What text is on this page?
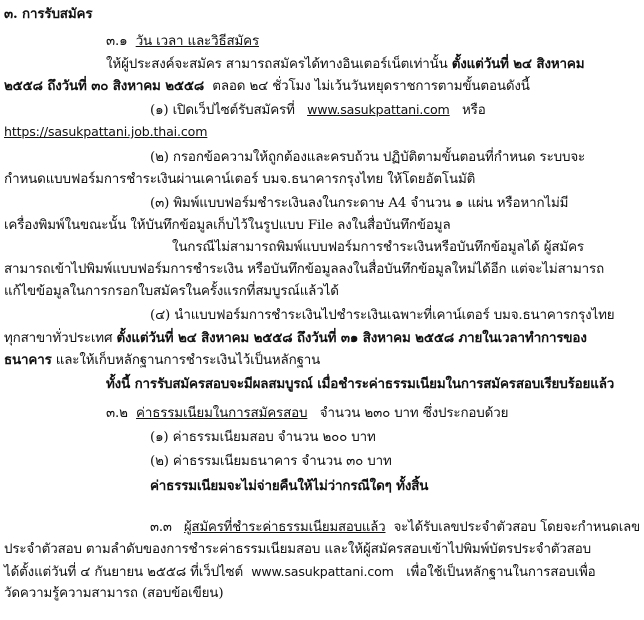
๓. การรับสมัคร
๓.๑ วัน เวลา และวิธีสมัคร
ให้ผู้ประสงค์จะสมัคร สามารถสมัครได้ทางอินเตอร์เน็ตเท่านั้น ตั้งแต่วันที่ ๒๔ สิงหาคม
๒๕๕๘ ถึงวันที่ ๓๐ สิงหาคม ๒๕๕๘ ตลอด ๒๔ ชั่วโมง ไม่เว้นวันหยุดราชการตามขั้นตอนดังนี้
(๑) เปิดเว็ปไซต์รับสมัครที่ www.sasukpattani.com หรือ
https://sasukpattani.job.thai.com
(๒) กรอกข้อความให้ถูกต้องและครบถ้วน ปฏิบัติตามขั้นตอนที่กำหนด ระบบจะ
กำหนดแบบฟอร์มการชำระเงินผ่านเคาน์เตอร์ บมจ.ธนาคารกรุงไทย ให้โดยอัตโนมัติ
(๓) พิมพ์แบบฟอร์มชำระเงินลงในกระดาษ A4 จำนวน ๑ แผ่น หรือหากไม่มี
เครื่องพิมพ์ในขณะนั้น ให้บันทึกข้อมูลเก็บไว้ในรูปแบบ File ลงในสื่อบันทึกข้อมูล
ในกรณีไม่สามารถพิมพ์แบบฟอร์มการชำระเงินหรือบันทึกข้อมูลได้ ผู้สมัคร
สามารถเข้าไปพิมพ์แบบฟอร์มการชำระเงิน หรือบันทึกข้อมูลลงในสื่อบันทึกข้อมูลใหม่ได้อีก แต่จะไม่สามารถ
แก้ไขข้อมูลในการกรอกใบสมัครในครั้งแรกที่สมบูรณ์แล้วได้
(๔) นำแบบฟอร์มการชำระเงินไปชำระเงินเฉพาะที่เคาน์เตอร์ บมจ.ธนาคารกรุงไทย
ทุกสาขาทั่วประเทศ ตั้งแต่วันที่ ๒๔ สิงหาคม ๒๕๕๘ ถึงวันที่ ๓๑ สิงหาคม ๒๕๕๘ ภายในเวลาทำการของ
ธนาคาร และให้เก็บหลักฐานการชำระเงินไว้เป็นหลักฐาน
ทั้งนี้ การรับสมัครสอบจะมีผลสมบูรณ์ เมื่อชำระค่าธรรมเนียมในการสมัครสอบเรียบร้อยแล้ว
๓.๒ ค่าธรรมเนียมในการสมัครสอบ จำนวน ๒๓๐ บาท ซึ่งประกอบด้วย
(๑) ค่าธรรมเนียมสอบ จำนวน ๒๐๐ บาท
(๒) ค่าธรรมเนียมธนาคาร จำนวน ๓๐ บาท
ค่าธรรมเนียมจะไม่จ่ายคืนให้ไม่ว่ากรณีใดๆ ทั้งสิ้น
๓.๓ ผู้สมัครที่ชำระค่าธรรมเนียมสอบแล้ว จะได้รับเลขประจำตัวสอบ โดยจะกำหนดเลข
ประจำตัวสอบ ตามลำดับของการชำระค่าธรรมเนียมสอบ และให้ผู้สมัครสอบเข้าไปพิมพ์บัตรประจำตัวสอบ
ได้ตั้งแต่วันที่ ๔ กันยายน ๒๕๕๘ ที่เว็ปไซต์ www.sasukpattani.com เพื่อใช้เป็นหลักฐานในการสอบเพื่อ
วัดความรู้ความสามารถ (สอบข้อเขียน)
